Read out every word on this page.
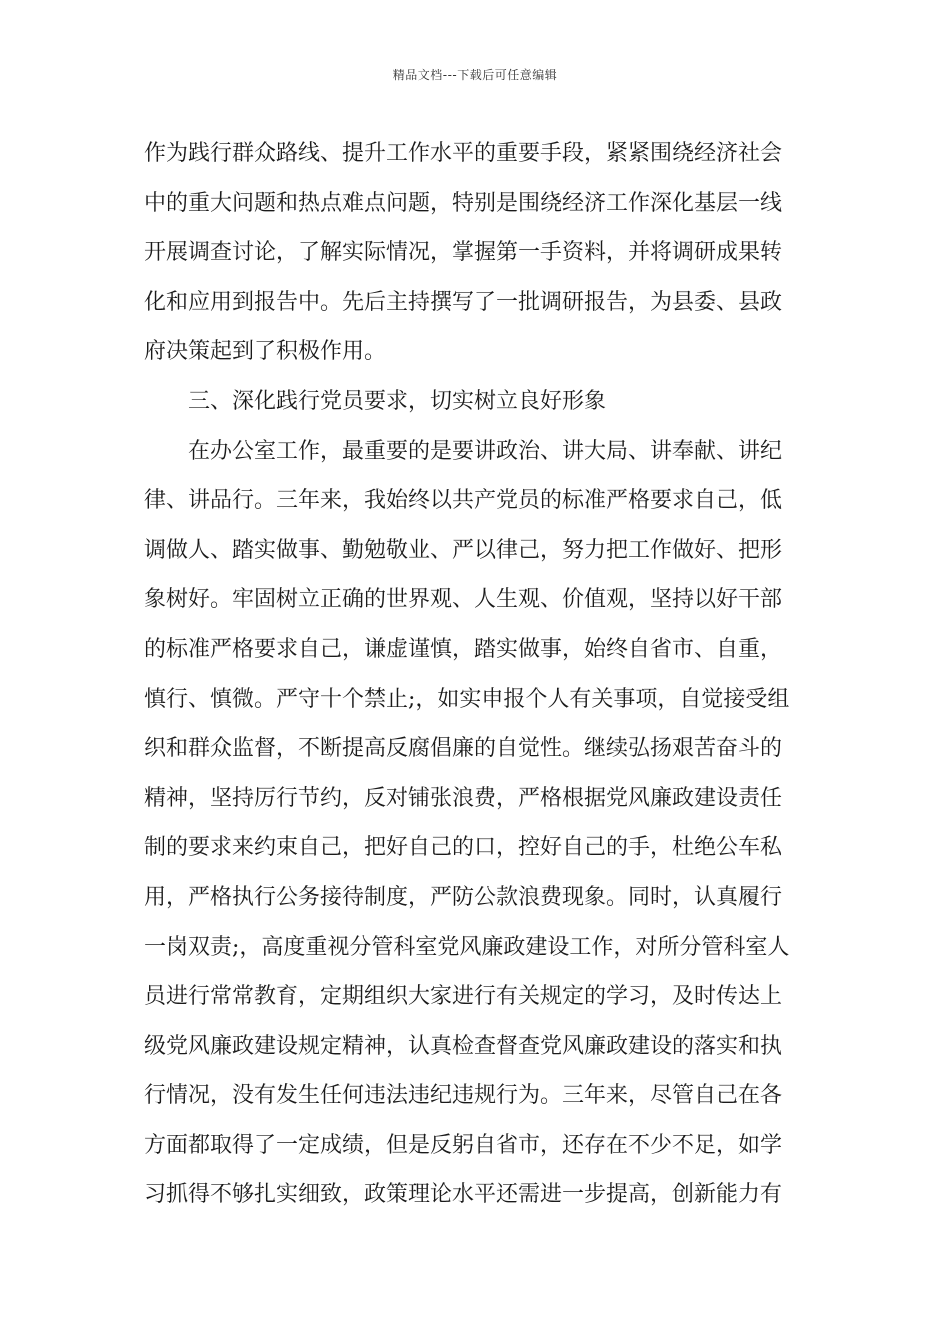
精品文档---下载后可任意编辑
作为践行群众路线、提升工作水平的重要手段，紧紧围绕经济社会
中的重大问题和热点难点问题，特别是围绕经济工作深化基层一线
开展调查讨论，了解实际情况，掌握第一手资料，并将调研成果转
化和应用到报告中。先后主持撰写了一批调研报告，为县委、县政
府决策起到了积极作用。
三、深化践行党员要求，切实树立良好形象
在办公室工作，最重要的是要讲政治、讲大局、讲奉献、讲纪
律、讲品行。三年来，我始终以共产党员的标准严格要求自己，低
调做人、踏实做事、勤勉敬业、严以律己，努力把工作做好、把形
象树好。牢固树立正确的世界观、人生观、价值观，坚持以好干部
的标准严格要求自己，谦虚谨慎，踏实做事，始终自省市、自重，
慎行、慎微。严守十个禁止;，如实申报个人有关事项，自觉接受组
织和群众监督，不断提高反腐倡廉的自觉性。继续弘扬艰苦奋斗的
精神，坚持厉行节约，反对铺张浪费，严格根据党风廉政建设责任
制的要求来约束自己，把好自己的口，控好自己的手，杜绝公车私
用，严格执行公务接待制度，严防公款浪费现象。同时，认真履行
一岗双责;，高度重视分管科室党风廉政建设工作，对所分管科室人
员进行常常教育，定期组织大家进行有关规定的学习，及时传达上
级党风廉政建设规定精神，认真检查督查党风廉政建设的落实和执
行情况，没有发生任何违法违纪违规行为。三年来，尽管自己在各
方面都取得了一定成绩，但是反躬自省市，还存在不少不足，如学
习抓得不够扎实细致，政策理论水平还需进一步提高，创新能力有
